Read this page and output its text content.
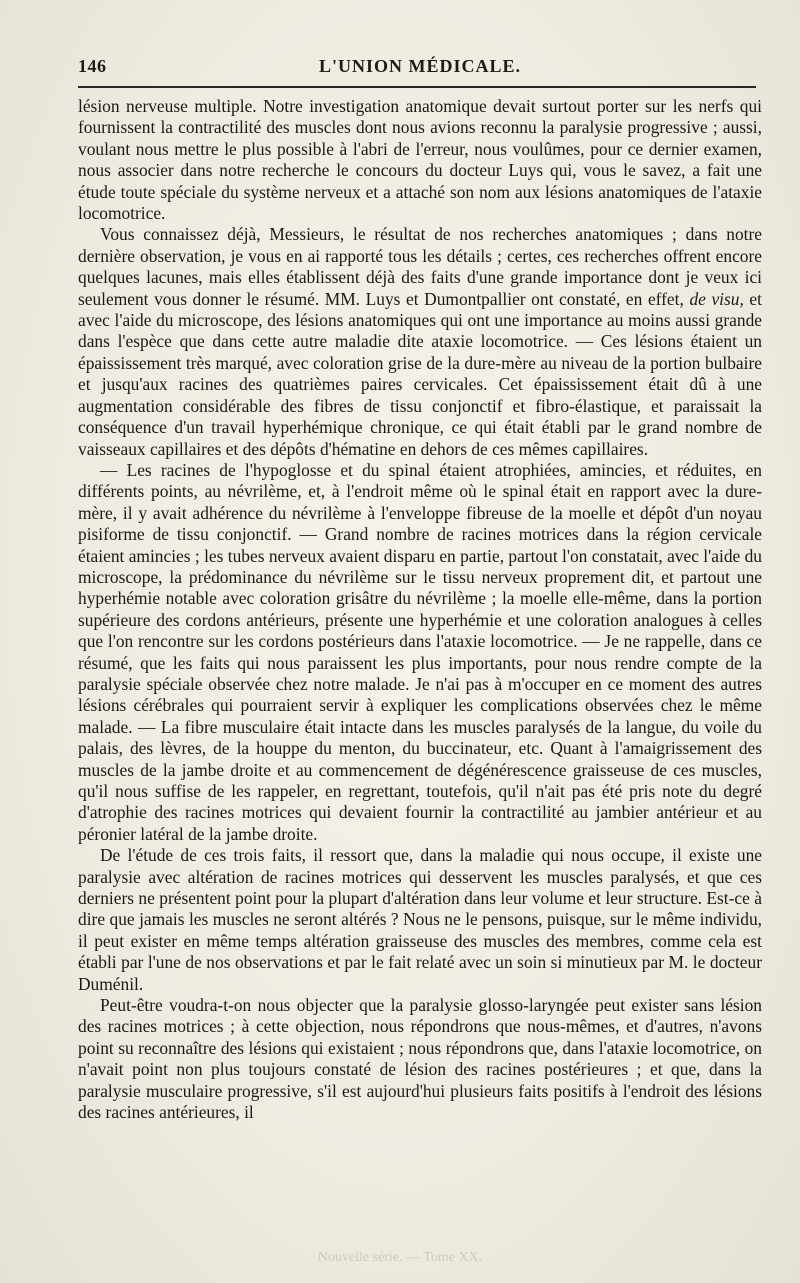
146	L'UNION MÉDICALE.

lésion nerveuse multiple. Notre investigation anatomique devait surtout porter sur les nerfs qui fournissent la contractilité des muscles dont nous avions reconnu la paralysie progressive ; aussi, voulant nous mettre le plus possible à l'abri de l'erreur, nous voulûmes, pour ce dernier examen, nous associer dans notre recherche le concours du docteur Luys qui, vous le savez, a fait une étude toute spéciale du système nerveux et a attaché son nom aux lésions anatomiques de l'ataxie locomotrice.

Vous connaissez déjà, Messieurs, le résultat de nos recherches anatomiques ; dans notre dernière observation, je vous en ai rapporté tous les détails ; certes, ces recherches offrent encore quelques lacunes, mais elles établissent déjà des faits d'une grande importance dont je veux ici seulement vous donner le résumé. MM. Luys et Dumontpallier ont constaté, en effet, de visu, et avec l'aide du microscope, des lésions anatomiques qui ont une importance au moins aussi grande dans l'espèce que dans cette autre maladie dite ataxie locomotrice. — Ces lésions étaient un épaississement très marqué, avec coloration grise de la dure-mère au niveau de la portion bulbaire et jusqu'aux racines des quatrièmes paires cervicales. Cet épaississement était dû à une augmentation considérable des fibres de tissu conjonctif et fibro-élastique, et paraissait la conséquence d'un travail hyperhémique chronique, ce qui était établi par le grand nombre de vaisseaux capillaires et des dépôts d'hématine en dehors de ces mêmes capillaires.

— Les racines de l'hypoglosse et du spinal étaient atrophiées, amincies, et réduites, en différents points, au névrilème, et, à l'endroit même où le spinal était en rapport avec la dure-mère, il y avait adhérence du névrilème à l'enveloppe fibreuse de la moelle et dépôt d'un noyau pisiforme de tissu conjonctif. — Grand nombre de racines motrices dans la région cervicale étaient amincies ; les tubes nerveux avaient disparu en partie, partout l'on constatait, avec l'aide du microscope, la prédominance du névrilème sur le tissu nerveux proprement dit, et partout une hyperhémie notable avec coloration grisâtre du névrilème ; la moelle elle-même, dans la portion supérieure des cordons antérieurs, présente une hyperhémie et une coloration analogues à celles que l'on rencontre sur les cordons postérieurs dans l'ataxie locomotrice. — Je ne rappelle, dans ce résumé, que les faits qui nous paraissent les plus importants, pour nous rendre compte de la paralysie spéciale observée chez notre malade. Je n'ai pas à m'occuper en ce moment des autres lésions cérébrales qui pourraient servir à expliquer les complications observées chez le même malade. — La fibre musculaire était intacte dans les muscles paralysés de la langue, du voile du palais, des lèvres, de la houppe du menton, du buccinateur, etc. Quant à l'amaigrissement des muscles de la jambe droite et au commencement de dégénérescence graisseuse de ces muscles, qu'il nous suffise de les rappeler, en regrettant, toutefois, qu'il n'ait pas été pris note du degré d'atrophie des racines motrices qui devaient fournir la contractilité au jambier antérieur et au péronier latéral de la jambe droite.

De l'étude de ces trois faits, il ressort que, dans la maladie qui nous occupe, il existe une paralysie avec altération de racines motrices qui desservent les muscles paralysés, et que ces derniers ne présentent point pour la plupart d'altération dans leur volume et leur structure. Est-ce à dire que jamais les muscles ne seront altérés ? Nous ne le pensons, puisque, sur le même individu, il peut exister en même temps altération graisseuse des muscles des membres, comme cela est établi par l'une de nos observations et par le fait relaté avec un soin si minutieux par M. le docteur Duménil.

Peut-être voudra-t-on nous objecter que la paralysie glosso-laryngée peut exister sans lésion des racines motrices ; à cette objection, nous répondrons que nous-mêmes, et d'autres, n'avons point su reconnaître des lésions qui existaient ; nous répondrons que, dans l'ataxie locomotrice, on n'avait point non plus toujours constaté de lésion des racines postérieures ; et que, dans la paralysie musculaire progressive, s'il est aujourd'hui plusieurs faits positifs à l'endroit des lésions des racines antérieures, il

Nouvelle série. — Tome XX.
